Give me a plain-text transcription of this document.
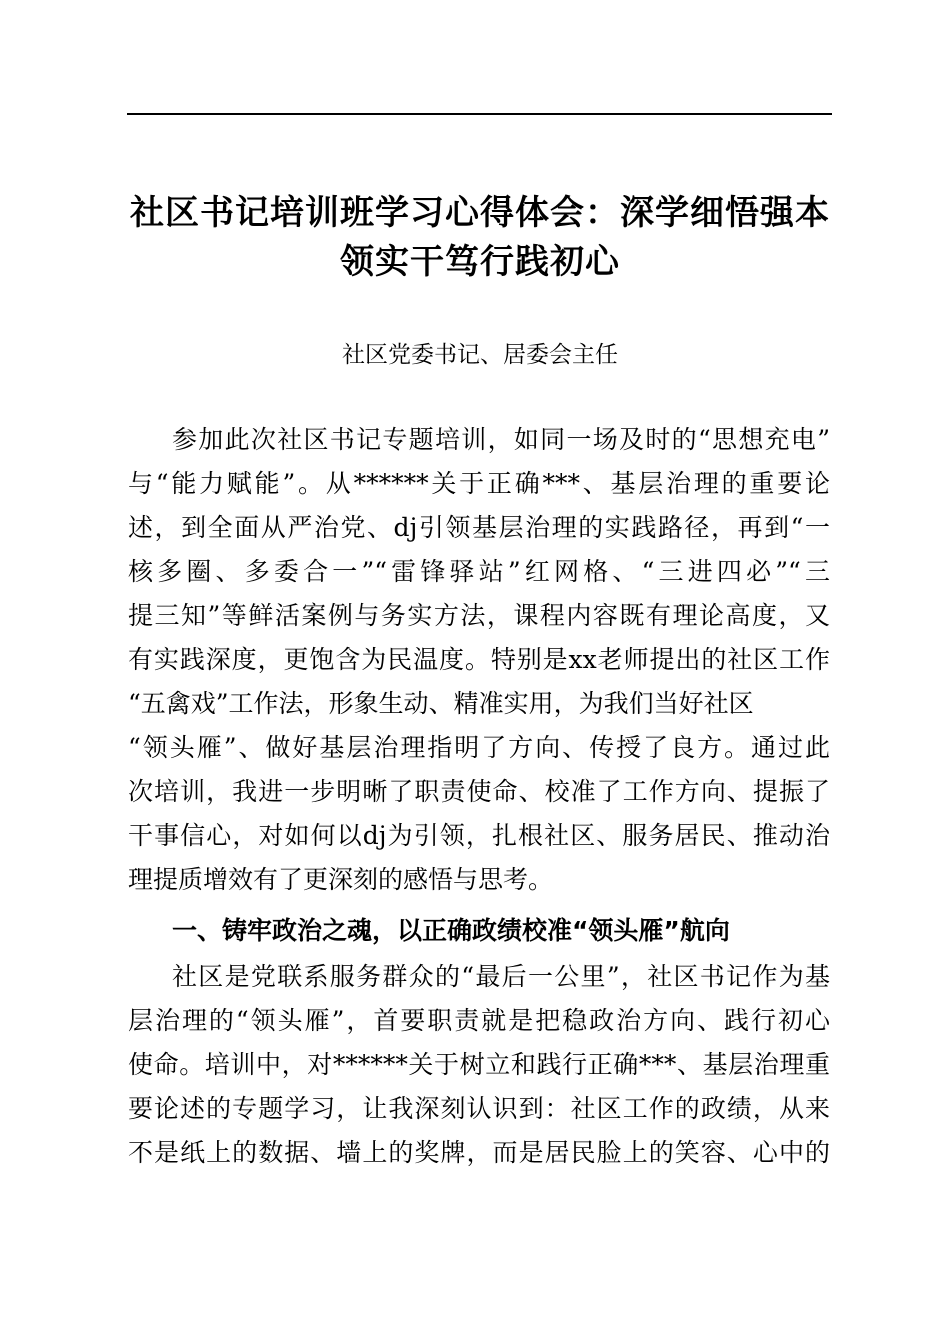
社区书记培训班学习心得体会：深学细悟强本
领实干笃行践初心
社区党委书记、居委会主任
参加此次社区书记专题培训，如同一场及时的“思想充电”
与“能力赋能”。从******关于正确***、基层治理的重要论
述，到全面从严治党、dj引领基层治理的实践路径，再到“一
核多圈、多委合一”“雷锋驿站”红网格、“三进四必”“三
提三知”等鲜活案例与务实方法，课程内容既有理论高度，又
有实践深度，更饱含为民温度。特别是xx老师提出的社区工作
“五禽戏”工作法，形象生动、精准实用，为我们当好社区
“领头雁”、做好基层治理指明了方向、传授了良方。通过此
次培训，我进一步明晰了职责使命、校准了工作方向、提振了
干事信心，对如何以dj为引领，扎根社区、服务居民、推动治
理提质增效有了更深刻的感悟与思考。
一、铸牢政治之魂，以正确政绩校准“领头雁”航向
社区是党联系服务群众的“最后一公里”，社区书记作为基
层治理的“领头雁”，首要职责就是把稳政治方向、践行初心
使命。培训中，对******关于树立和践行正确***、基层治理重
要论述的专题学习，让我深刻认识到：社区工作的政绩，从来
不是纸上的数据、墙上的奖牌，而是居民脸上的笑容、心中的
